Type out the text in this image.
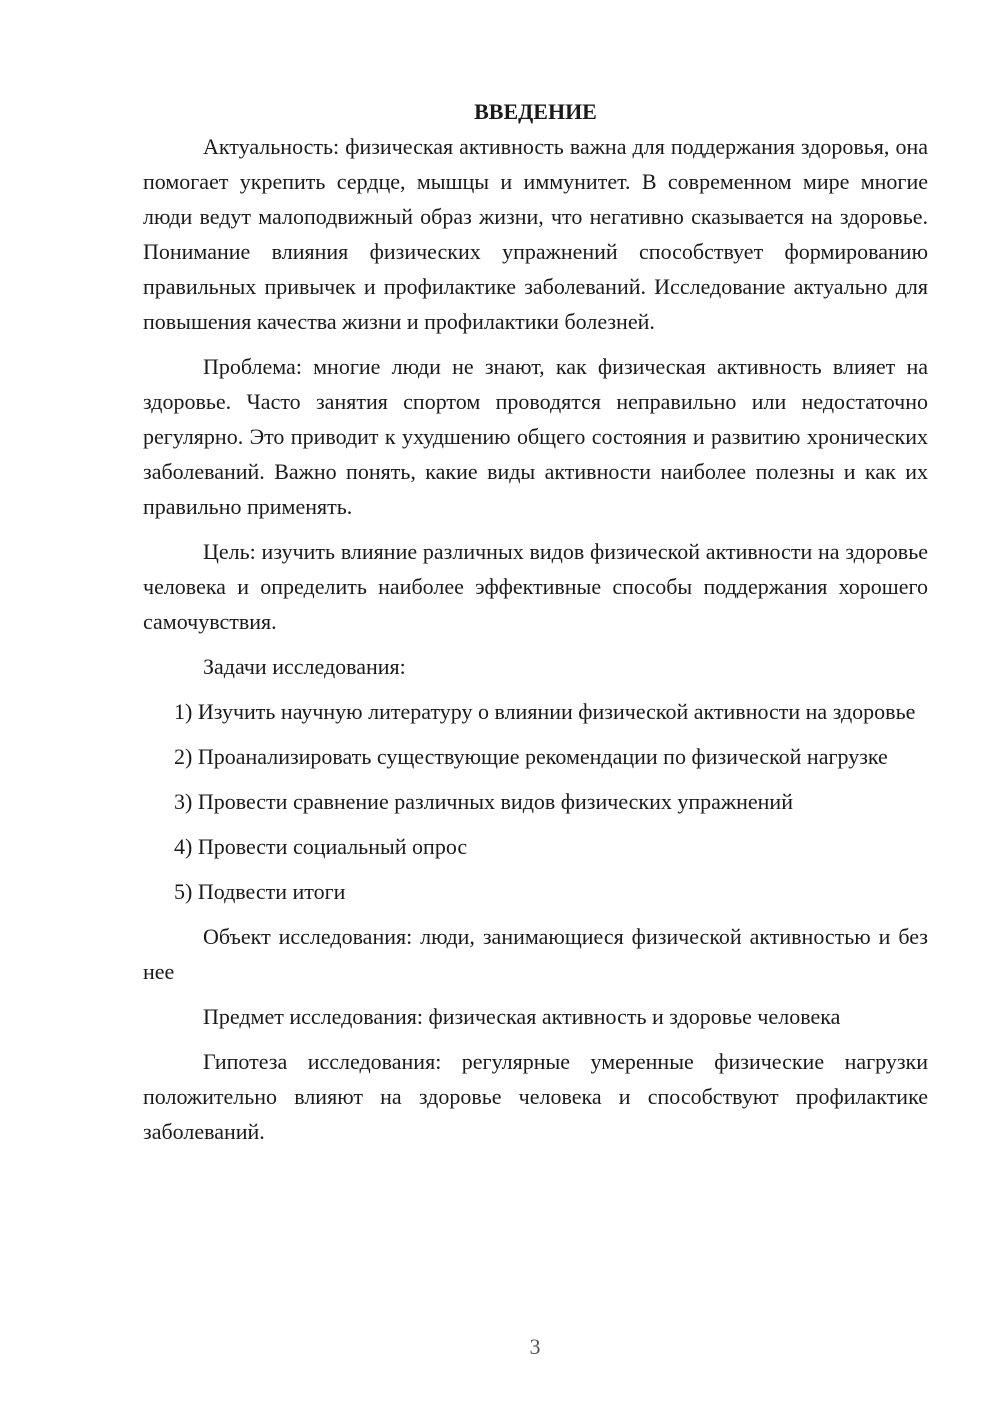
ВВЕДЕНИЕ

Актуальность: физическая активность важна для поддержания здоровья, она помогает укрепить сердце, мышцы и иммунитет. В современном мире многие люди ведут малоподвижный образ жизни, что негативно сказывается на здоровье. Понимание влияния физических упражнений способствует формированию правильных привычек и профилактике заболеваний. Исследование актуально для повышения качества жизни и профилактики болезней.

Проблема: многие люди не знают, как физическая активность влияет на здоровье. Часто занятия спортом проводятся неправильно или недостаточно регулярно. Это приводит к ухудшению общего состояния и развитию хронических заболеваний. Важно понять, какие виды активности наиболее полезны и как их правильно применять.

Цель: изучить влияние различных видов физической активности на здоровье человека и определить наиболее эффективные способы поддержания хорошего самочувствия.

Задачи исследования:

1) Изучить научную литературу о влиянии физической активности на здоровье

2) Проанализировать существующие рекомендации по физической нагрузке

3) Провести сравнение различных видов физических упражнений

4) Провести социальный опрос

5) Подвести итоги

Объект исследования: люди, занимающиеся физической активностью и без нее

Предмет исследования: физическая активность и здоровье человека

Гипотеза исследования: регулярные умеренные физические нагрузки положительно влияют на здоровье человека и способствуют профилактике заболеваний.

3
